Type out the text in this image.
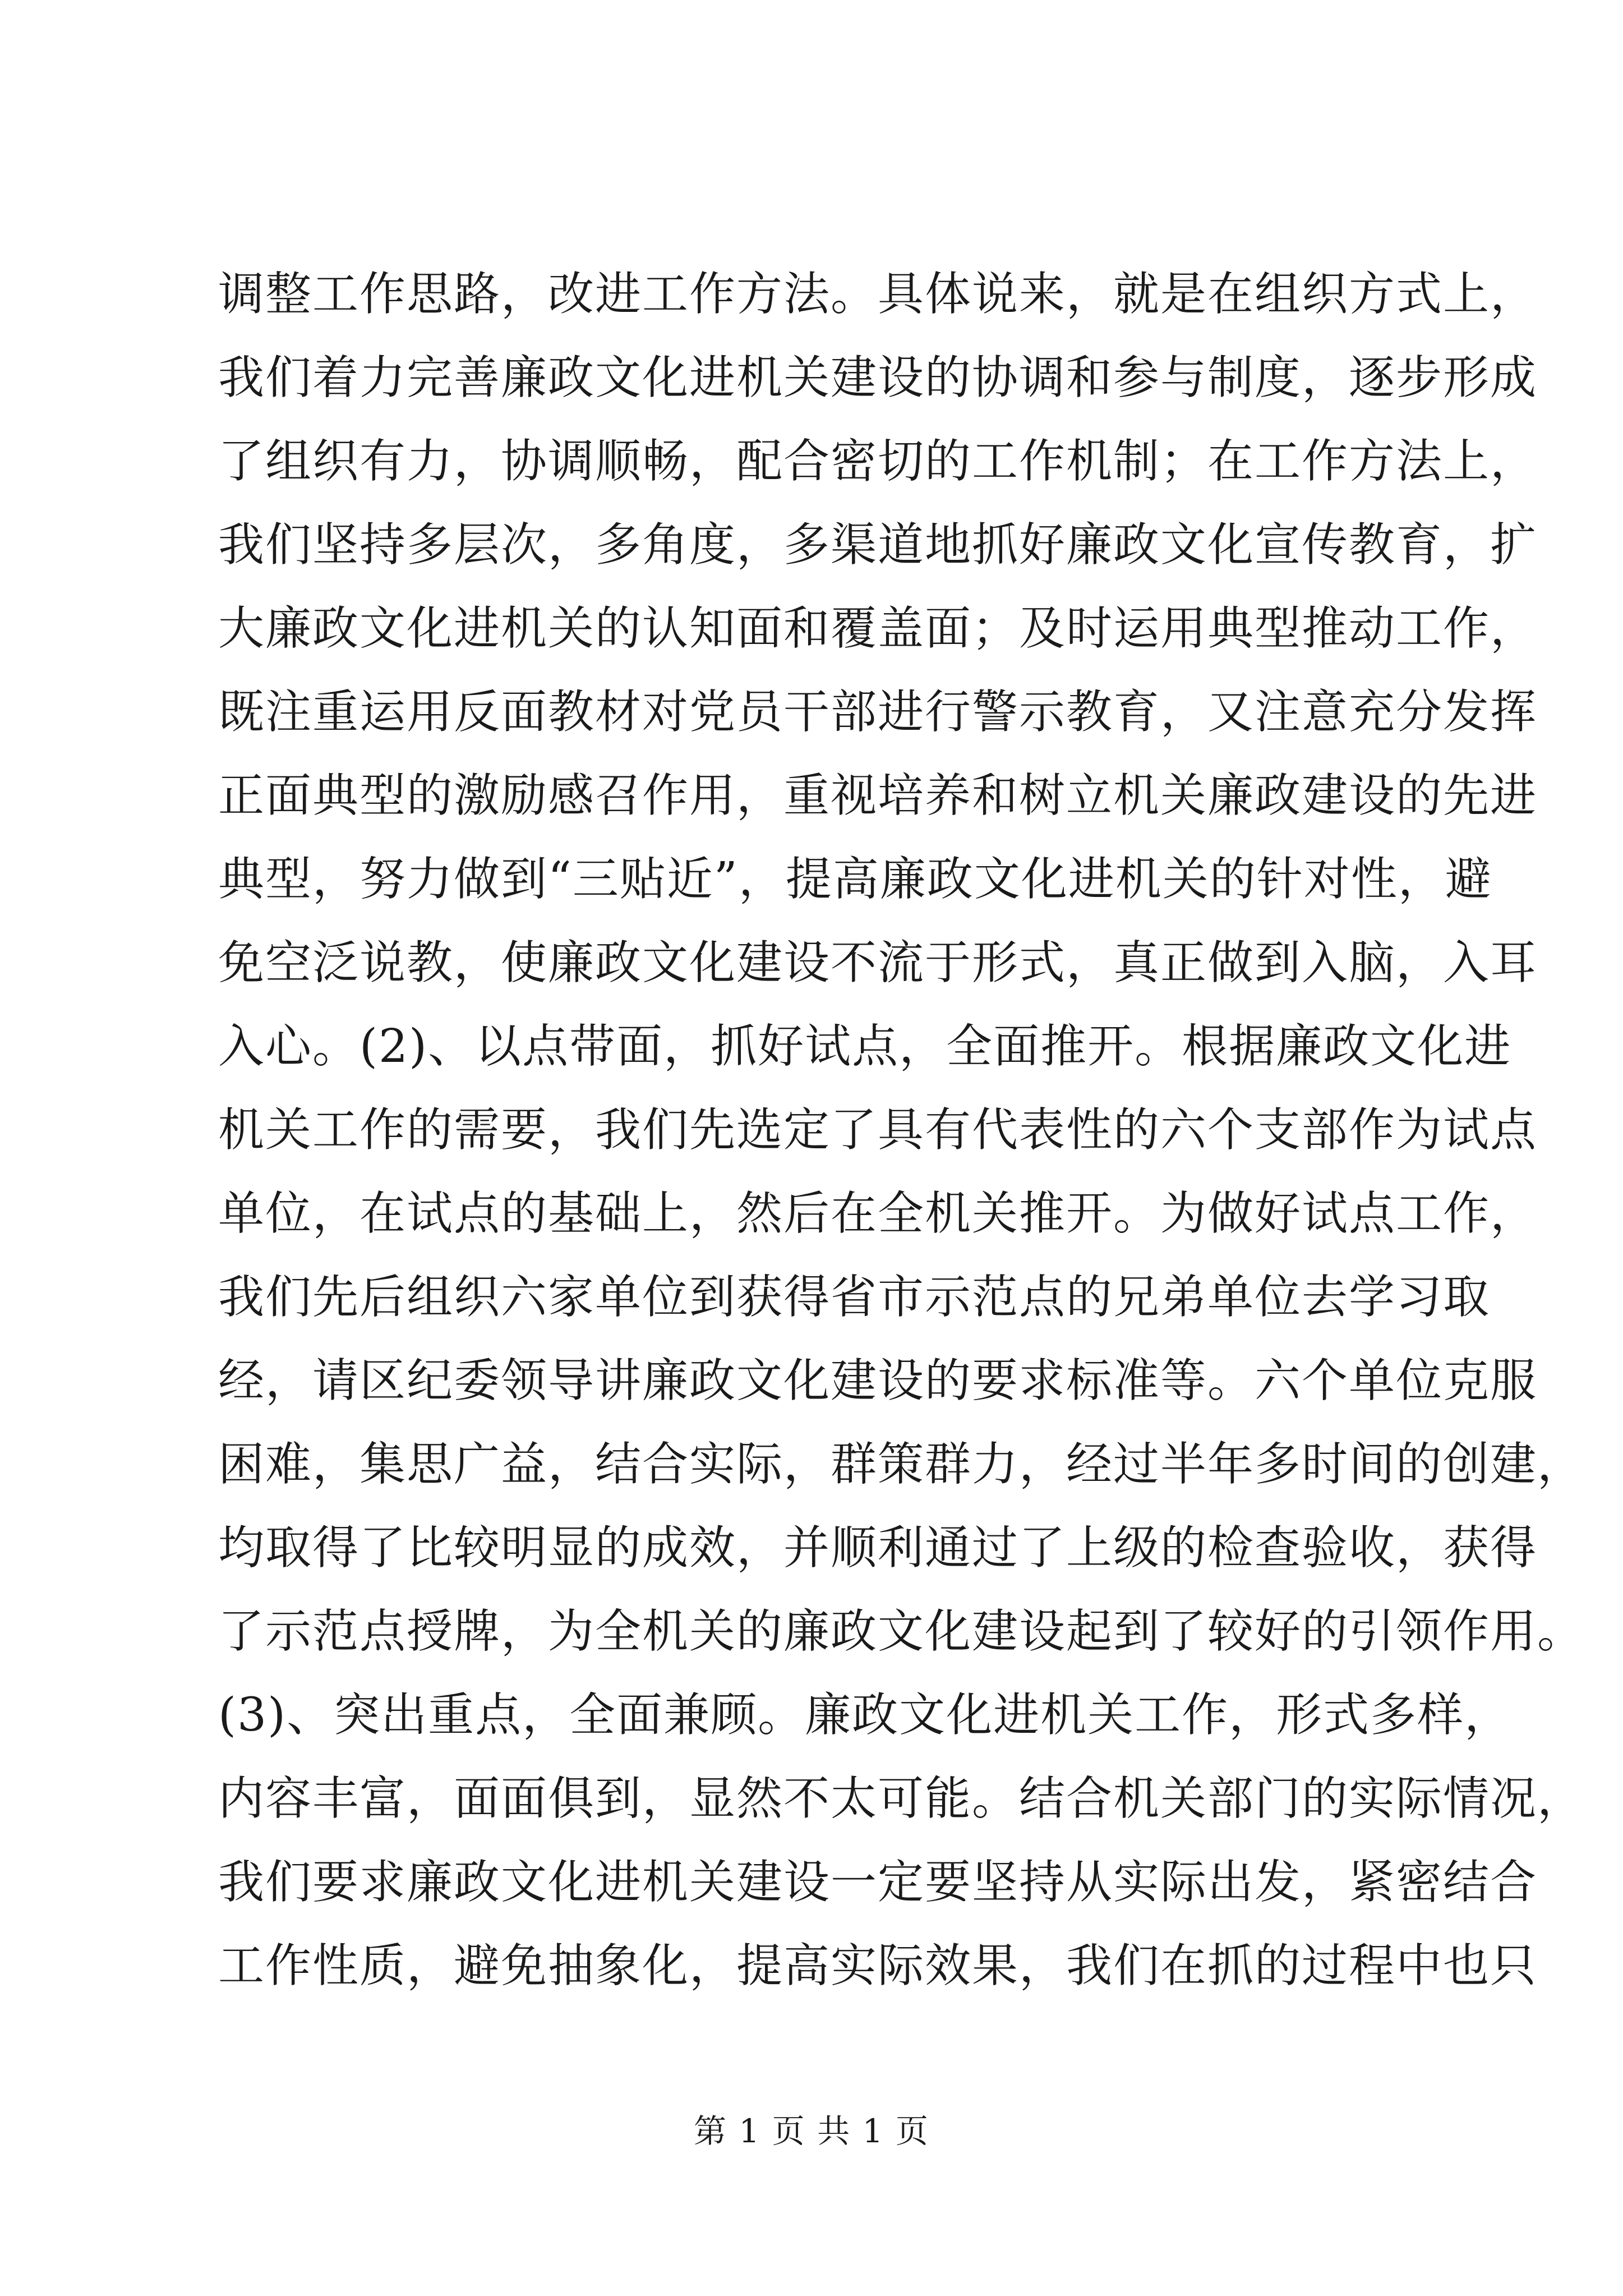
调整工作思路，改进工作方法。具体说来，就是在组织方式上，
我们着力完善廉政文化进机关建设的协调和参与制度，逐步形成
了组织有力，协调顺畅，配合密切的工作机制；在工作方法上，
我们坚持多层次，多角度，多渠道地抓好廉政文化宣传教育，扩
大廉政文化进机关的认知面和覆盖面；及时运用典型推动工作，
既注重运用反面教材对党员干部进行警示教育，又注意充分发挥
正面典型的激励感召作用，重视培养和树立机关廉政建设的先进
典型，努力做到“三贴近”，提高廉政文化进机关的针对性，避
免空泛说教，使廉政文化建设不流于形式，真正做到入脑，入耳
入心。(2)、以点带面，抓好试点，全面推开。根据廉政文化进
机关工作的需要，我们先选定了具有代表性的六个支部作为试点
单位，在试点的基础上，然后在全机关推开。为做好试点工作，
我们先后组织六家单位到获得省市示范点的兄弟单位去学习取
经，请区纪委领导讲廉政文化建设的要求标准等。六个单位克服
困难，集思广益，结合实际，群策群力，经过半年多时间的创建，
均取得了比较明显的成效，并顺利通过了上级的检查验收，获得
了示范点授牌，为全机关的廉政文化建设起到了较好的引领作用。
(3)、突出重点，全面兼顾。廉政文化进机关工作，形式多样，
内容丰富，面面俱到，显然不太可能。结合机关部门的实际情况，
我们要求廉政文化进机关建设一定要坚持从实际出发，紧密结合
工作性质，避免抽象化，提高实际效果，我们在抓的过程中也只
第 1 页 共 1 页
